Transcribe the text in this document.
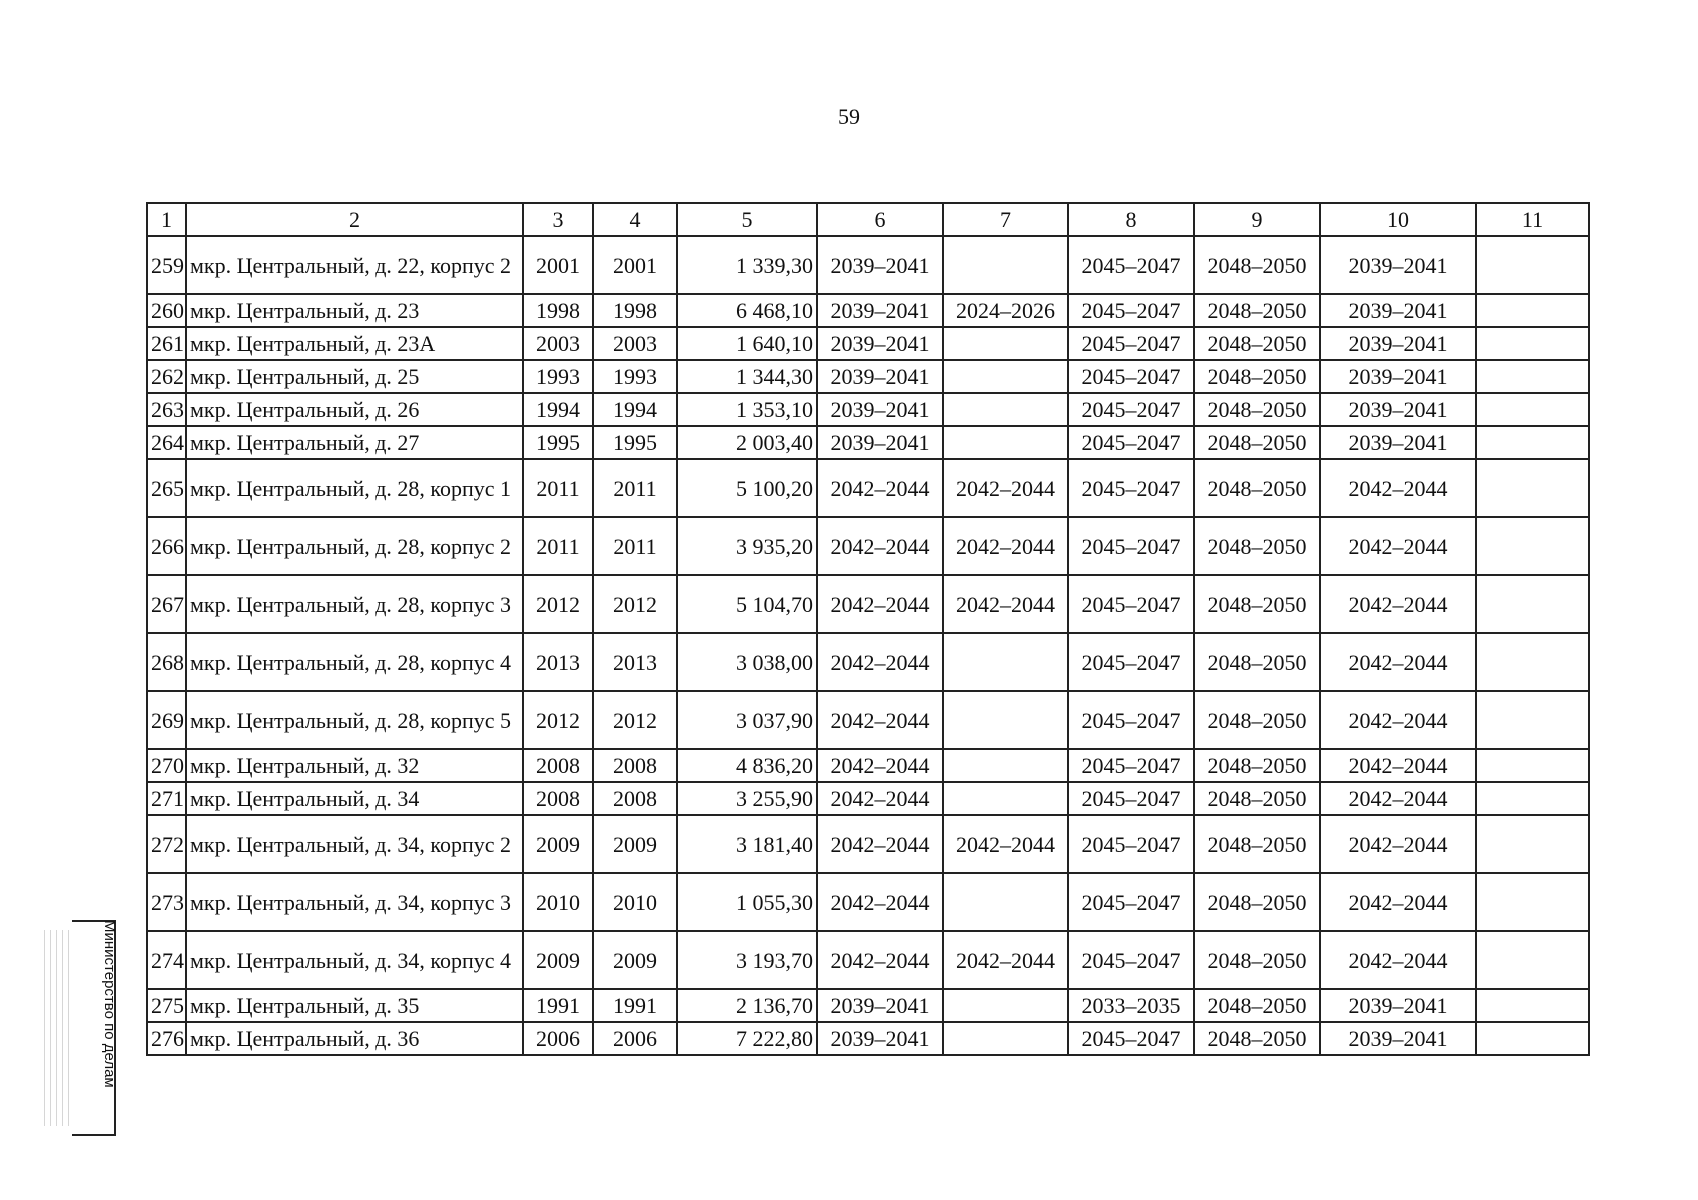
59
1	2	3	4	5	6	7	8	9	10	11
259	мкр. Центральный, д. 22, корпус 2	2001	2001	1 339,30	2039–2041		2045–2047	2048–2050	2039–2041	
260	мкр. Центральный, д. 23	1998	1998	6 468,10	2039–2041	2024–2026	2045–2047	2048–2050	2039–2041	
261	мкр. Центральный, д. 23А	2003	2003	1 640,10	2039–2041		2045–2047	2048–2050	2039–2041	
262	мкр. Центральный, д. 25	1993	1993	1 344,30	2039–2041		2045–2047	2048–2050	2039–2041	
263	мкр. Центральный, д. 26	1994	1994	1 353,10	2039–2041		2045–2047	2048–2050	2039–2041	
264	мкр. Центральный, д. 27	1995	1995	2 003,40	2039–2041		2045–2047	2048–2050	2039–2041	
265	мкр. Центральный, д. 28, корпус 1	2011	2011	5 100,20	2042–2044	2042–2044	2045–2047	2048–2050	2042–2044	
266	мкр. Центральный, д. 28, корпус 2	2011	2011	3 935,20	2042–2044	2042–2044	2045–2047	2048–2050	2042–2044	
267	мкр. Центральный, д. 28, корпус 3	2012	2012	5 104,70	2042–2044	2042–2044	2045–2047	2048–2050	2042–2044	
268	мкр. Центральный, д. 28, корпус 4	2013	2013	3 038,00	2042–2044		2045–2047	2048–2050	2042–2044	
269	мкр. Центральный, д. 28, корпус 5	2012	2012	3 037,90	2042–2044		2045–2047	2048–2050	2042–2044	
270	мкр. Центральный, д. 32	2008	2008	4 836,20	2042–2044		2045–2047	2048–2050	2042–2044	
271	мкр. Центральный, д. 34	2008	2008	3 255,90	2042–2044		2045–2047	2048–2050	2042–2044	
272	мкр. Центральный, д. 34, корпус 2	2009	2009	3 181,40	2042–2044	2042–2044	2045–2047	2048–2050	2042–2044	
273	мкр. Центральный, д. 34, корпус 3	2010	2010	1 055,30	2042–2044		2045–2047	2048–2050	2042–2044	
274	мкр. Центральный, д. 34, корпус 4	2009	2009	3 193,70	2042–2044	2042–2044	2045–2047	2048–2050	2042–2044	
275	мкр. Центральный, д. 35	1991	1991	2 136,70	2039–2041		2033–2035	2048–2050	2039–2041	
276	мкр. Центральный, д. 36	2006	2006	7 222,80	2039–2041		2045–2047	2048–2050	2039–2041	
Министерство по делам
